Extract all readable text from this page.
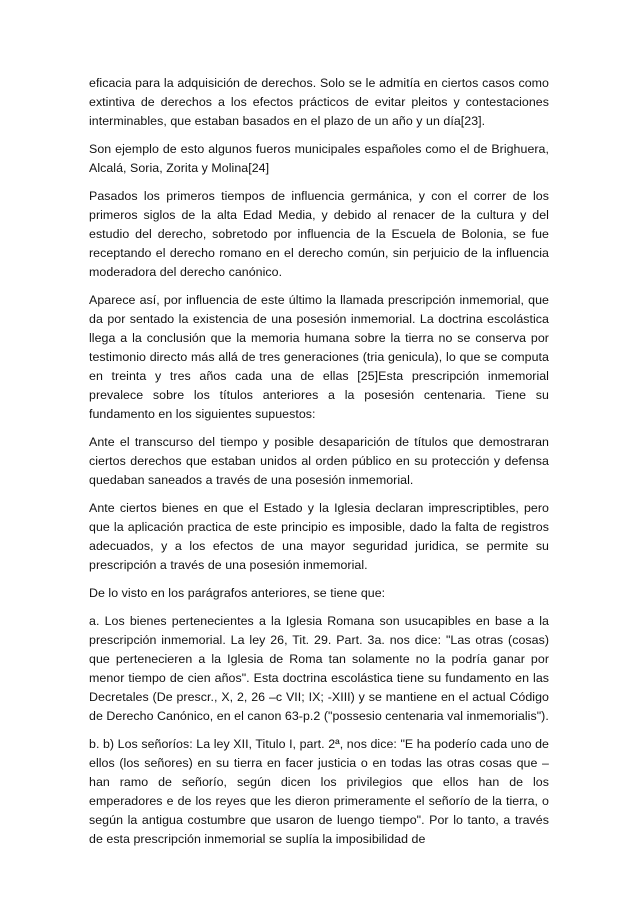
eficacia para la adquisición de derechos. Solo se le admitía en ciertos casos como extintiva de derechos a los efectos prácticos de evitar pleitos y contestaciones interminables, que estaban basados en el plazo de un año y un día[23].

Son ejemplo de esto algunos fueros municipales españoles como el de Brighuera, Alcalá, Soria, Zorita y Molina[24]

Pasados los primeros tiempos de influencia germánica, y con el correr de los primeros siglos de la alta Edad Media, y debido al renacer de la cultura y del estudio del derecho, sobretodo por influencia de la Escuela de Bolonia, se fue receptando el derecho romano en el derecho común, sin perjuicio de la influencia moderadora del derecho canónico.

Aparece así, por influencia de este último la llamada prescripción inmemorial, que da por sentado la existencia de una posesión inmemorial. La doctrina escolástica llega a la conclusión que la memoria humana sobre la tierra no se conserva por testimonio directo más allá de tres generaciones (tria genicula), lo que se computa en treinta y tres años cada una de ellas [25]Esta prescripción inmemorial prevalece sobre los títulos anteriores a la posesión centenaria. Tiene su fundamento en los siguientes supuestos:

Ante el transcurso del tiempo y posible desaparición de títulos que demostraran ciertos derechos que estaban unidos al orden público en su protección y defensa quedaban saneados a través de una posesión inmemorial.

Ante ciertos bienes en que el Estado y la Iglesia declaran imprescriptibles, pero que la aplicación practica de este principio es imposible, dado la falta de registros adecuados, y a los efectos de una mayor seguridad juridica, se permite su prescripción a través de una posesión inmemorial.

De lo visto en los parágrafos anteriores, se tiene que:

a. Los bienes pertenecientes a la Iglesia Romana son usucapibles en base a la prescripción inmemorial. La ley 26, Tit. 29. Part. 3a. nos dice: "Las otras (cosas) que pertenecieren a la Iglesia de Roma tan solamente no la podría ganar por menor tiempo de cien años". Esta doctrina escolástica tiene su fundamento en las Decretales (De prescr., X, 2, 26 –c VII; IX; -XIII) y se mantiene en el actual Código de Derecho Canónico, en el canon 63-p.2 ("possesio centenaria val inmemorialis").

b. b) Los señoríos: La ley XII, Titulo I, part. 2ª, nos dice: "E ha poderío cada uno de ellos (los señores) en su tierra en facer justicia o en todas las otras cosas que –han ramo de señorío, según dicen los privilegios que ellos han de los emperadores e de los reyes que les dieron primeramente el señorío de la tierra, o según la antigua costumbre que usaron de luengo tiempo". Por lo tanto, a través de esta prescripción inmemorial se suplía la imposibilidad de
